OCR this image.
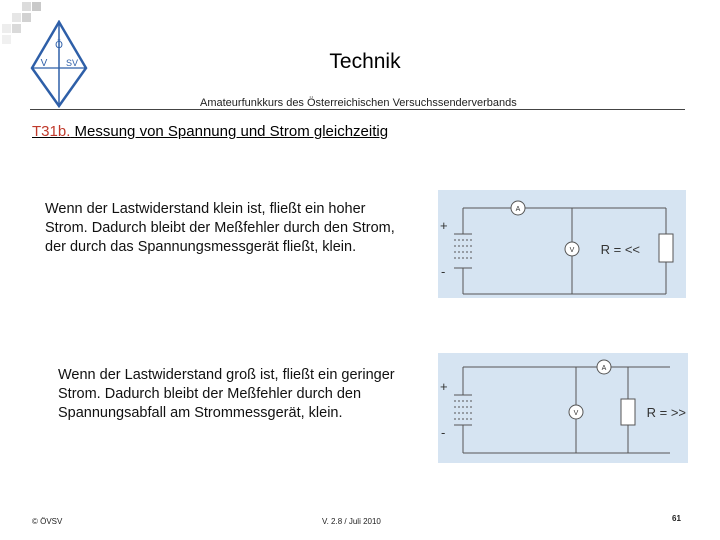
Ö
V SV	Technik
Amateurfunkkurs des Österreichischen Versuchssenderverbands
T31b. Messung von Spannung und Strom gleichzeitig
Wenn der Lastwiderstand klein ist, fließt ein hoher Strom. Dadurch bleibt der Meßfehler durch den Strom, der durch das Spannungsmessgerät fließt, klein.
Wenn der Lastwiderstand groß ist, fließt ein geringer Strom. Dadurch bleibt der Meßfehler durch den Spannungsabfall am Strommessgerät, klein.
A
V
+
-
R = <<
A
V
+
-
R = >>
© ÖVSV	V. 2.8 / Juli 2010	61
